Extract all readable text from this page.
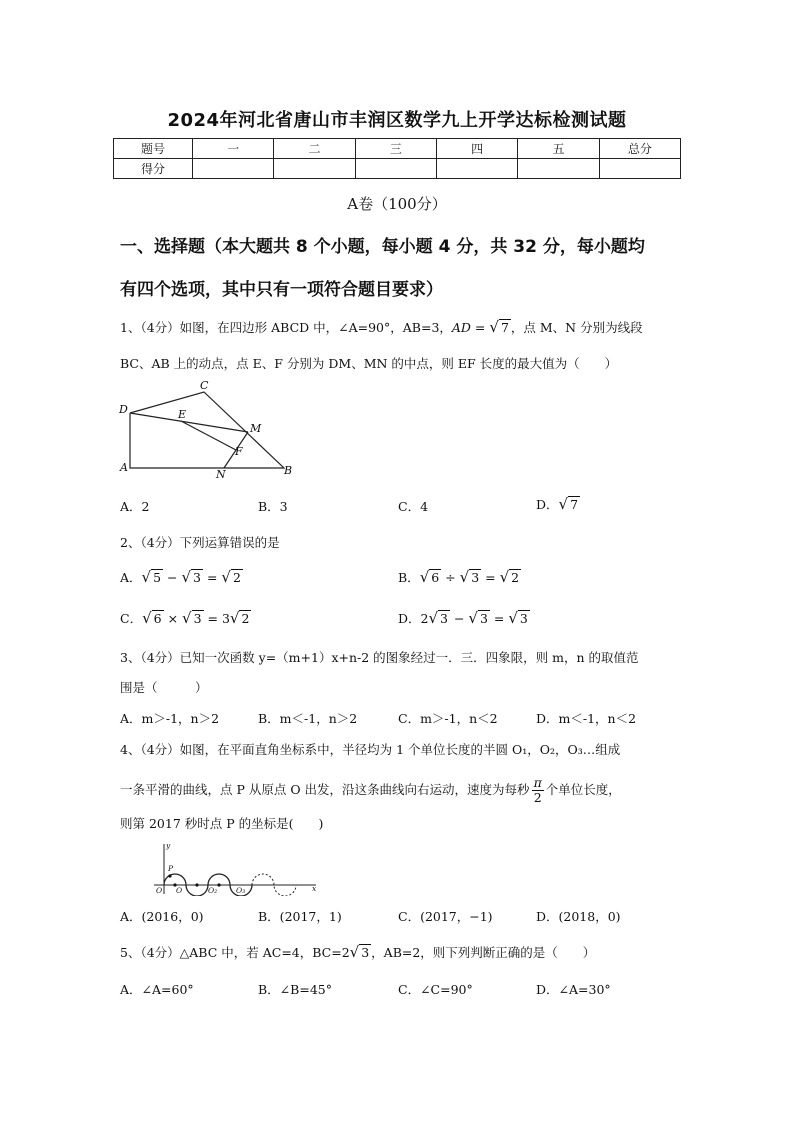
2024年河北省唐山市丰润区数学九上开学达标检测试题
题号	一	二	三	四	五	总分
得分						
A卷（100分）
一、选择题（本大题共 8 个小题，每小题 4 分，共 32 分，每小题均
有四个选项，其中只有一项符合题目要求）
1、（4分）如图，在四边形 ABCD 中，∠A=90°，AB=3，AD = √ 7 ，点 M、N 分别为线段
BC、AB 上的动点，点 E、F 分别为 DM、MN 的中点，则 EF 长度的最大值为（　　）
C
D	E
M
F
A
N	B
A．2	B．3	C．4	D．√ 7
2、（4分）下列运算错误的是
A．√ 5 − √ 3 = √ 2	B．√ 6 ÷ √ 3 = √ 2
C．√ 6 × √ 3 = 3√ 2	D．2√ 3 − √ 3 = √ 3
3、（4分）已知一次函数 y=（m+1）x+n-2 的图象经过一．三．四象限，则 m，n 的取值范
围是（　　　）
A．m＞-1，n＞2	B．m＜-1，n＞2	C．m＞-1，n＜2	D．m＜-1，n＜2
4、（4分）如图，在平面直角坐标系中，半径均为 1 个单位长度的半圆 O₁，O₂，O₃…组成
一条平滑的曲线，点 P 从原点 O 出发，沿这条曲线向右运动，速度为每秒 $\frac{\pi}{2}$ 个单位长度，
则第 2017 秒时点 P 的坐标是(　　)
y
P
O O	O₂	O₃	x
A．(2016，0)	B．(2017，1)	C．(2017，−1)	D．(2018，0)
5、（4分）△ABC 中，若 AC=4，BC=2√ 3 ，AB=2，则下列判断正确的是（　　）
A．∠A=60°	B．∠B=45°	C．∠C=90°	D．∠A=30°
